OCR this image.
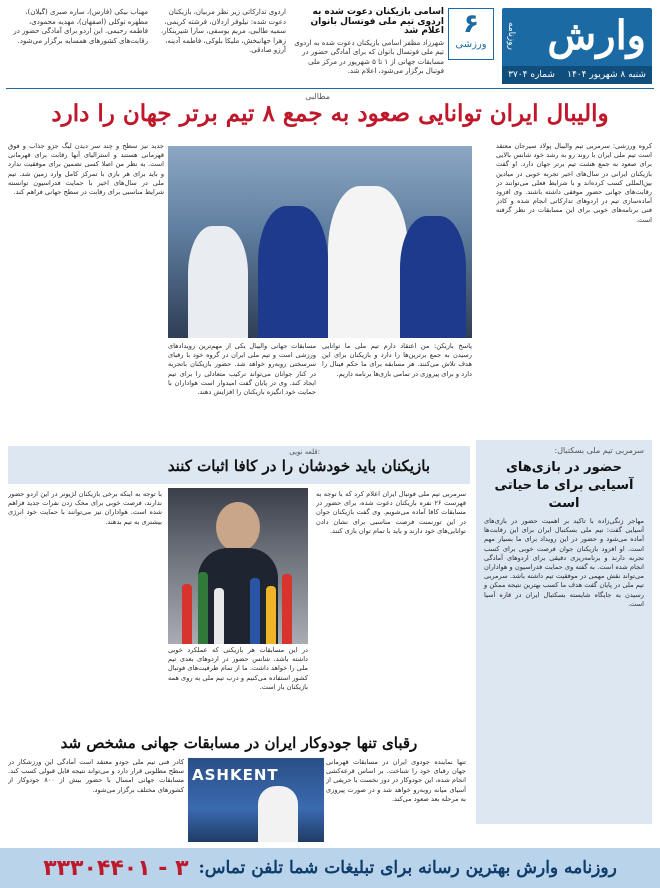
وارش
روزنامه
شنبه ۸ شهریور ۱۴۰۴
شماره ۳۷۰۴
۶
ورزشی
اسامی بازیکنان دعوت شده به اردوی تیم ملی فوتسال بانوان اعلام شد
شهرزاد مظفر اسامی بازیکنان دعوت شده به اردوی تیم ملی فوتسال بانوان که برای آمادگی حضور در مسابقات جهانی از ۱ تا ۵ شهریور در مرکز ملی فوتبال برگزار می‌شود، اعلام شد.
اردوی تدارکاتی زیر نظر مربیان، بازیکنان دعوت شده: نیلوفر اردلان، فرشته کریمی، سمیه طالبی، مریم یوسفی، سارا شیرینکار، زهرا جهانبخش، ملیکا بلوکی، فاطمه آدینه، آرزو صادقی.
مهناب بیکی (فارس)، ساره صبری (گیلان)، مطهره توکلی (اصفهان)، مهدیه محمودی، فاطمه رحیمی. این اردو برای آمادگی حضور در رقابت‌های کشورهای همسایه برگزار می‌شود.
مطالبی
والیبال ایران توانایی صعود به جمع ۸ تیم برتر جهان را دارد
کروه ورزشی: سرمربی تیم والیبال پولاد سیرجان معتقد است تیم ملی ایران با روند رو به رشد خود شانس بالایی برای صعود به جمع هشت تیم برتر جهان دارد. او گفت بازیکنان ایرانی در سال‌های اخیر تجربه خوبی در میادین بین‌المللی کسب کرده‌اند و با شرایط فعلی می‌توانند در رقابت‌های جهانی حضور موفقی داشته باشند. وی افزود آماده‌سازی تیم در اردوهای تدارکاتی انجام شده و کادر فنی برنامه‌های خوبی برای این مسابقات در نظر گرفته است.
جدید نیز سطح و چند سر دیدن لیگ جزو جذاب و فوق قهرمانی هستند و استرالیای آنها رقابت برای قهرمانی است. به نظر من اصلا کسی تضمین برای موفقیت ندارد و باید برای هر بازی با تمرکز کامل وارد زمین شد. تیم ملی در سال‌های اخیر با حمایت فدراسیون توانسته شرایط مناسبی برای رقابت در سطح جهانی فراهم کند.
مسابقات جهانی والیبال یکی از مهم‌ترین رویدادهای ورزشی است و تیم ملی ایران در گروه خود با رقبای سرسختی روبه‌رو خواهد شد. حضور بازیکنان باتجربه در کنار جوانان می‌تواند ترکیب متعادلی را برای تیم ایجاد کند. وی در پایان گفت امیدوار است هواداران با حمایت خود انگیزه بازیکنان را افزایش دهند.
پاسخ بازیکن: من اعتقاد دارم تیم ملی ما توانایی رسیدن به جمع برترین‌ها را دارد و بازیکنان برای این هدف تلاش می‌کنند. هر مسابقه برای ما حکم فینال را دارد و برای پیروزی در تمامی بازی‌ها برنامه داریم.
سرمربی تیم ملی بسکتبال:
حضور در بازی‌های آسیایی برای ما حیاتی است
مهاجر زنگی‌زاده با تاکید بر اهمیت حضور در بازی‌های آسیایی گفت: تیم ملی بسکتبال ایران برای این رقابت‌ها آماده می‌شود و حضور در این رویداد برای ما بسیار مهم است. او افزود بازیکنان جوان فرصت خوبی برای کسب تجربه دارند و برنامه‌ریزی دقیقی برای اردوهای آمادگی انجام شده است. به گفته وی حمایت فدراسیون و هواداران می‌تواند نقش مهمی در موفقیت تیم داشته باشد. سرمربی تیم ملی در پایان گفت هدف ما کسب بهترین نتیجه ممکن و رسیدن به جایگاه شایسته بسکتبال ایران در قاره آسیا است.
قلعه نویی:
بازیکنان باید خودشان را در کافا اثبات کنند
سرمربی تیم ملی فوتبال ایران اعلام کرد که با توجه به فهرست ۲۶ نفره بازیکنان دعوت شده، برای حضور در مسابقات کافا آماده می‌شویم. وی گفت بازیکنان جوان در این تورنمنت فرصت مناسبی برای نشان دادن توانایی‌های خود دارند و باید با تمام توان بازی کنند.
با توجه به اینکه برخی بازیکنان لژیونر در این اردو حضور ندارند، فرصت خوبی برای محک زدن نفرات جدید فراهم شده است. هواداران نیز می‌توانند با حمایت خود انرژی بیشتری به تیم بدهند.
در این مسابقات هر بازیکنی که عملکرد خوبی داشته باشد، شانس حضور در اردوهای بعدی تیم ملی را خواهد داشت. ما از تمام ظرفیت‌های فوتبال کشور استفاده می‌کنیم و درب تیم ملی به روی همه بازیکنان باز است.
رقبای تنها جودوکار ایران در مسابقات جهانی مشخص شد
تنها نماینده جودوی ایران در مسابقات قهرمانی جهان رقبای خود را شناخت. بر اساس قرعه‌کشی انجام شده، این جودوکار در دور نخست با حریفی از آسیای میانه روبه‌رو خواهد شد و در صورت پیروزی به مرحله بعد صعود می‌کند.
ASHKENT
کادر فنی تیم ملی جودو معتقد است آمادگی این ورزشکار در سطح مطلوبی قرار دارد و می‌تواند نتیجه قابل قبولی کسب کند. مسابقات جهانی امسال با حضور بیش از ۸۰۰ جودوکار از کشورهای مختلف برگزار می‌شود.
روزنامه وارش بهترین رسانه برای تبلیغات شما تلفن تماس:
۳ - ۳۳۳۰۴۴۰۱
